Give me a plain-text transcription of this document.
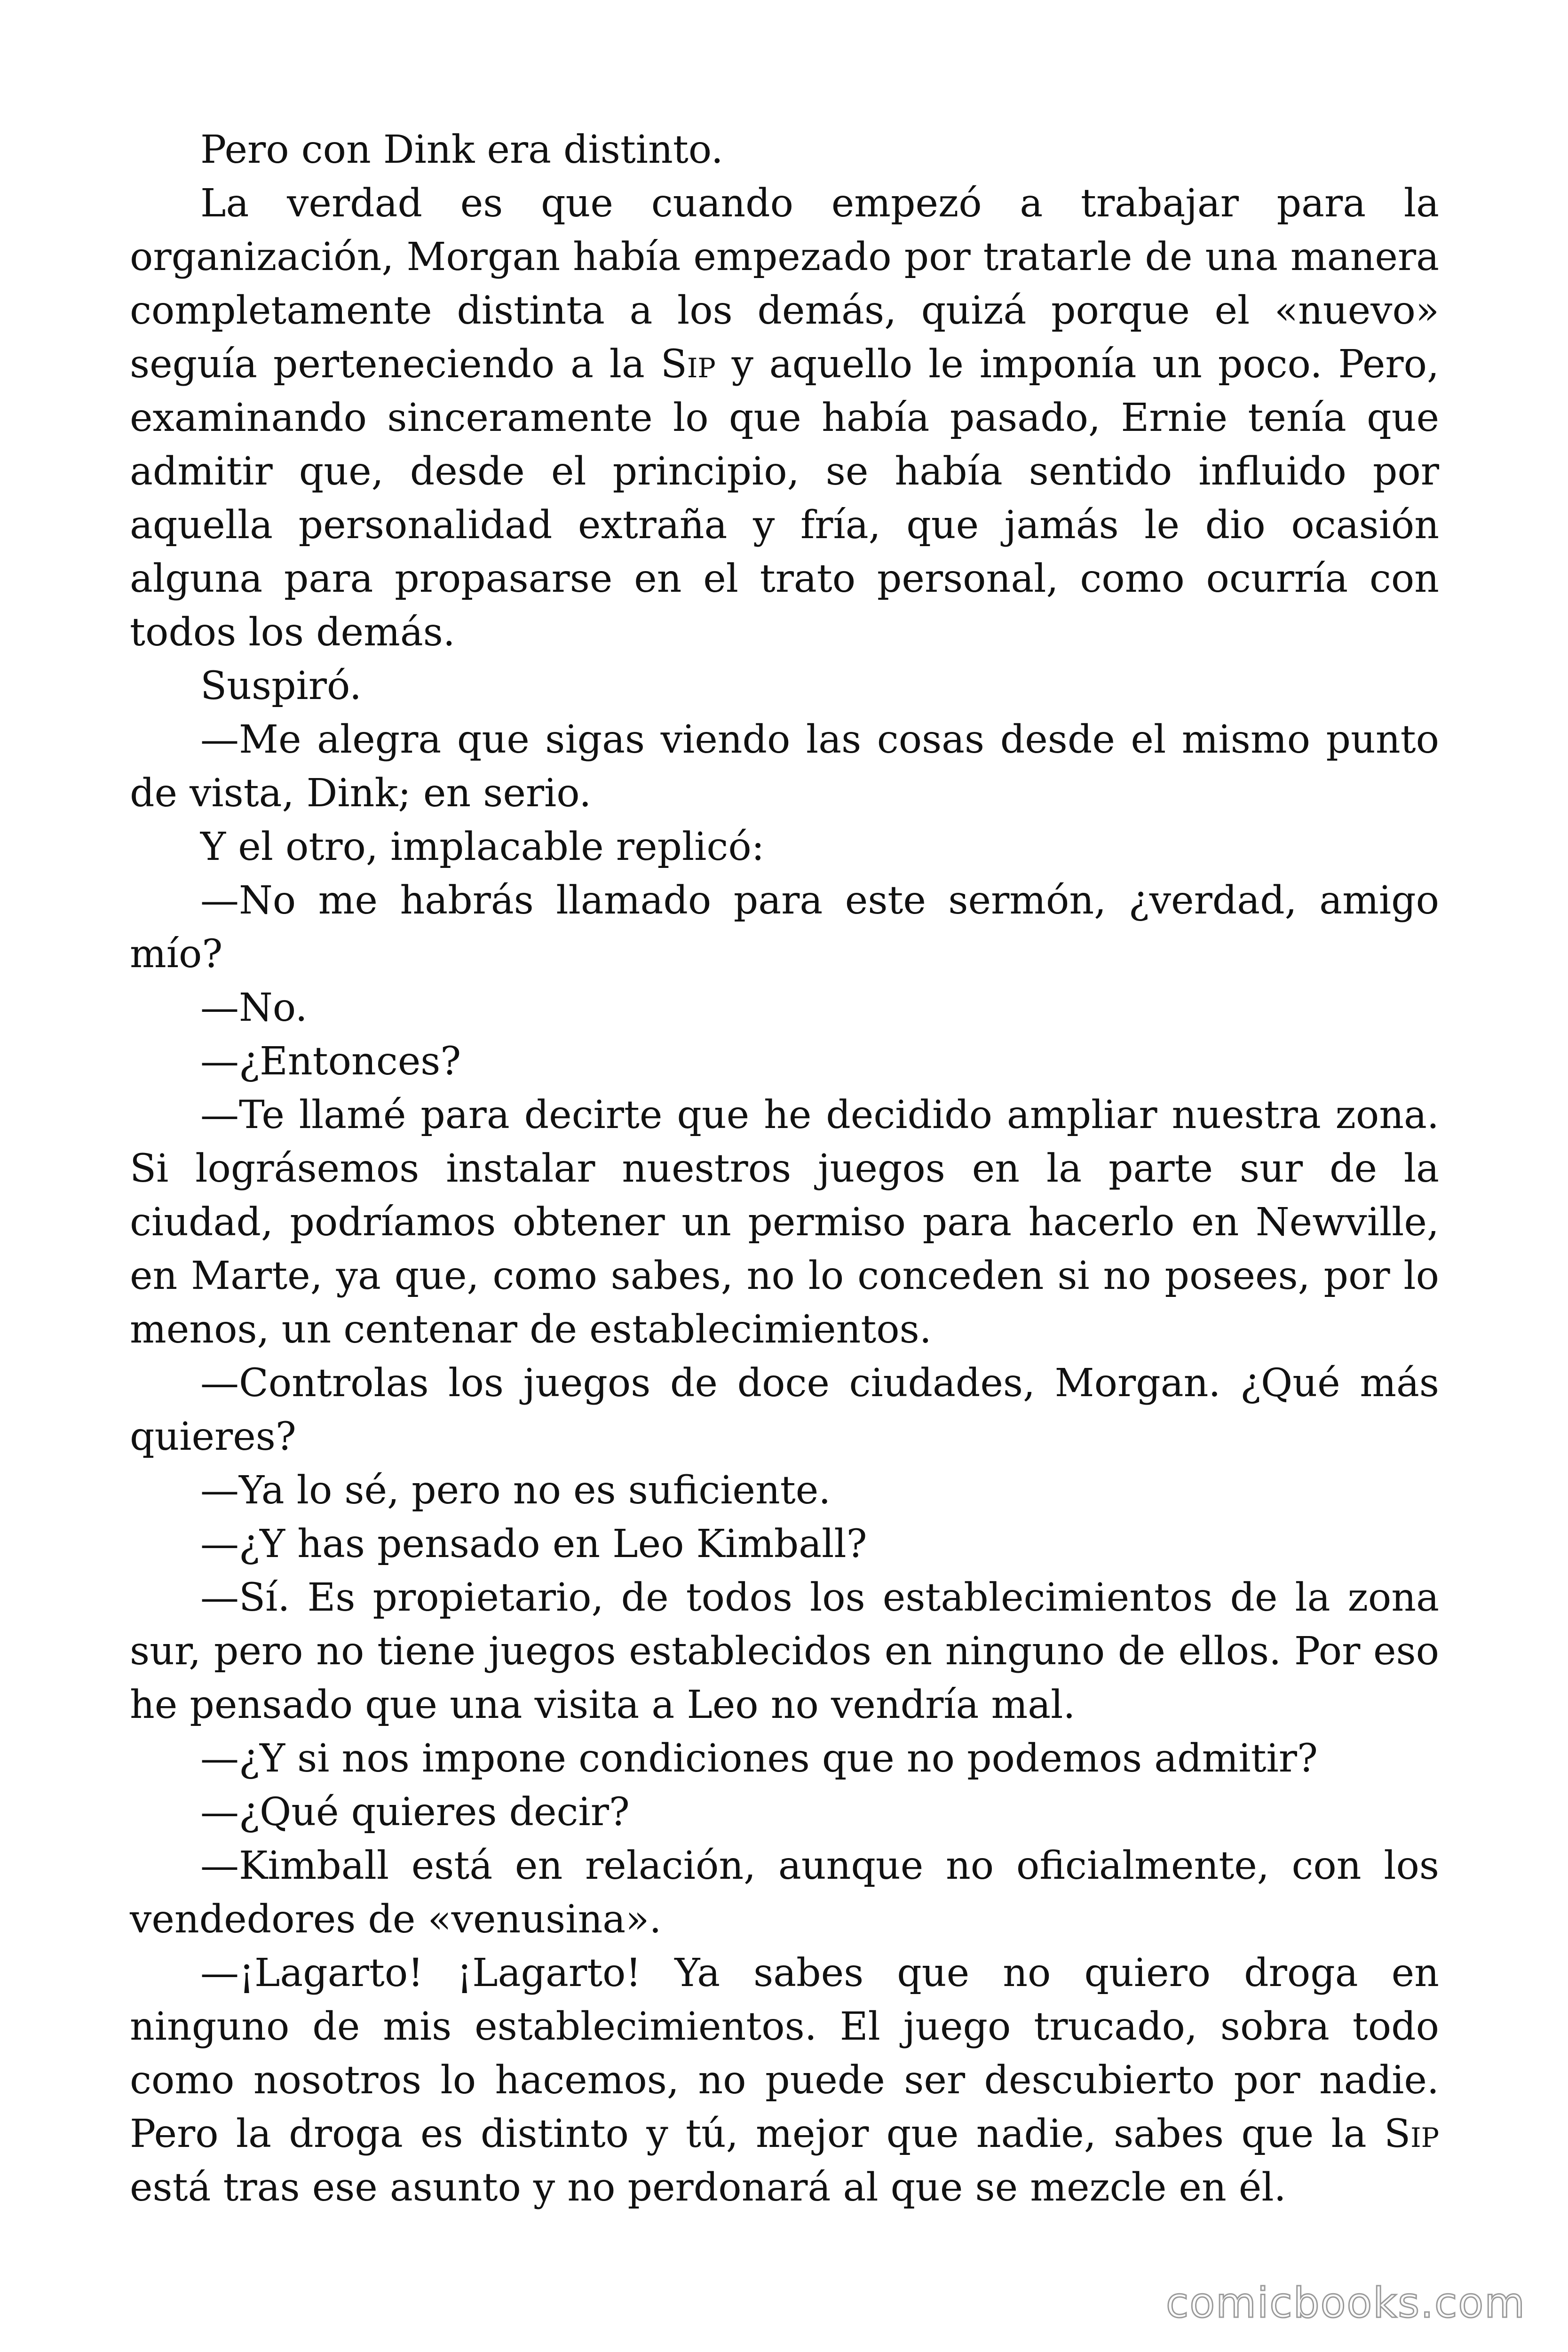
Pero con Dink era distinto.

La verdad es que cuando empezó a trabajar para la organización, Morgan había empezado por tratarle de una manera completamente distinta a los demás, quizá porque el «nuevo» seguía perteneciendo a la Sip y aquello le imponía un poco. Pero, examinando sinceramente lo que había pasado, Ernie tenía que admitir que, desde el principio, se había sentido influido por aquella personalidad extraña y fría, que jamás le dio ocasión alguna para propasarse en el trato personal, como ocurría con todos los demás.

Suspiró.

—Me alegra que sigas viendo las cosas desde el mismo punto de vista, Dink; en serio.

Y el otro, implacable replicó:

—No me habrás llamado para este sermón, ¿verdad, amigo mío?

—No.

—¿Entonces?

—Te llamé para decirte que he decidido ampliar nuestra zona. Si lográsemos instalar nuestros juegos en la parte sur de la ciudad, podríamos obtener un permiso para hacerlo en Newville, en Marte, ya que, como sabes, no lo conceden si no posees, por lo menos, un centenar de establecimientos.

—Controlas los juegos de doce ciudades, Morgan. ¿Qué más quieres?

—Ya lo sé, pero no es suficiente.

—¿Y has pensado en Leo Kimball?

—Sí. Es propietario, de todos los establecimientos de la zona sur, pero no tiene juegos establecidos en ninguno de ellos. Por eso he pensado que una visita a Leo no vendría mal.

—¿Y si nos impone condiciones que no podemos admitir?

—¿Qué quieres decir?

—Kimball está en relación, aunque no oficialmente, con los vendedores de «venusina».

—¡Lagarto! ¡Lagarto! Ya sabes que no quiero droga en ninguno de mis establecimientos. El juego trucado, sobra todo como nosotros lo hacemos, no puede ser descubierto por nadie. Pero la droga es distinto y tú, mejor que nadie, sabes que la Sip está tras ese asunto y no perdonará al que se mezcle en él.

comicbooks.com
